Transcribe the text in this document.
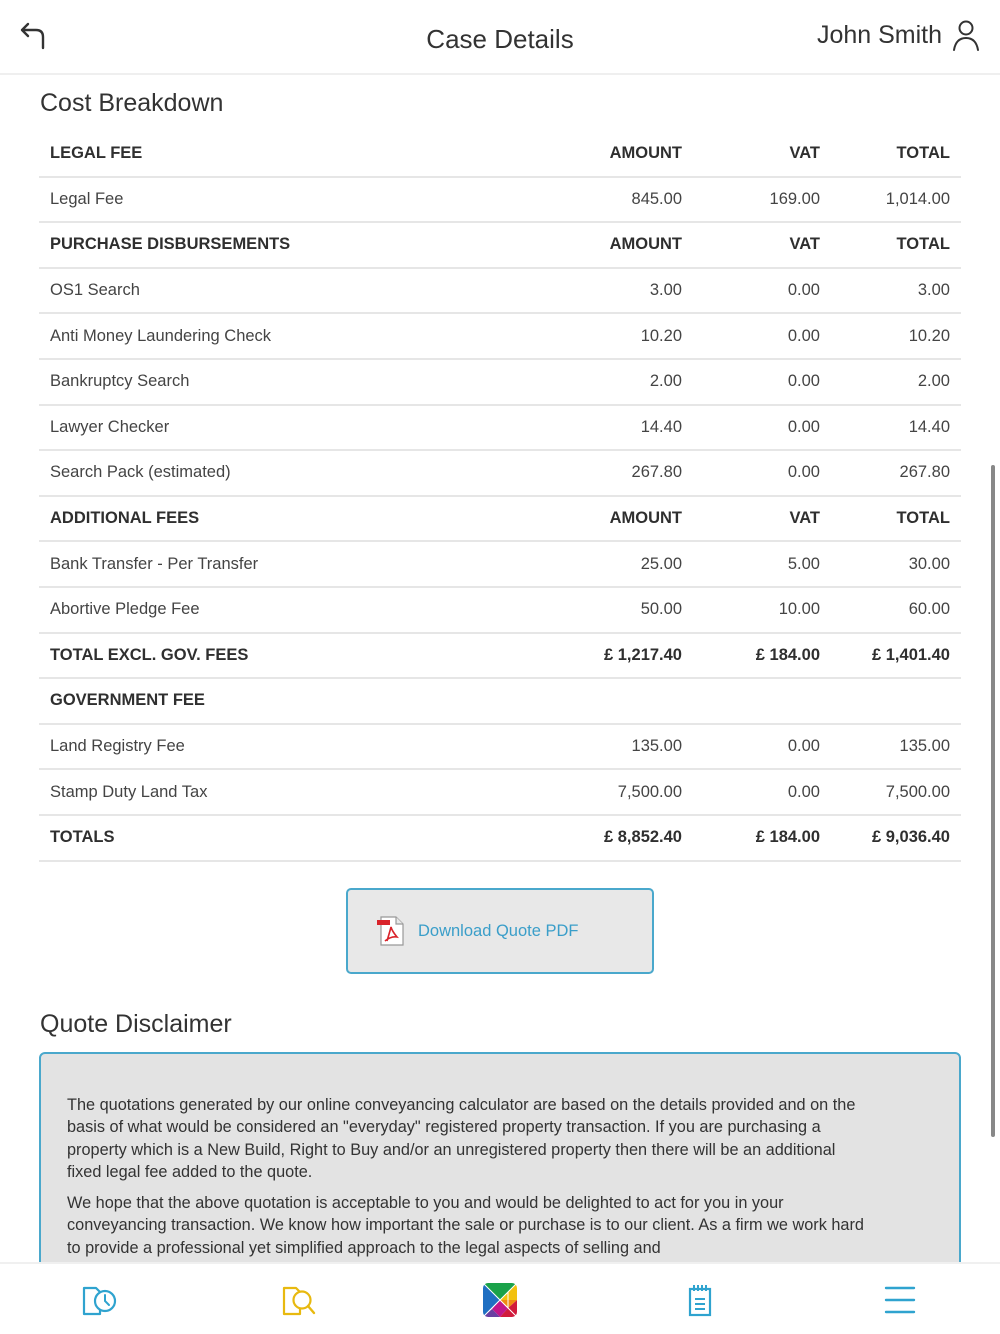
Case Details	John Smith
Cost Breakdown
LEGAL FEE	AMOUNT	VAT	TOTAL
Legal Fee	845.00	169.00	1,014.00
PURCHASE DISBURSEMENTS	AMOUNT	VAT	TOTAL
OS1 Search	3.00	0.00	3.00
Anti Money Laundering Check	10.20	0.00	10.20
Bankruptcy Search	2.00	0.00	2.00
Lawyer Checker	14.40	0.00	14.40
Search Pack (estimated)	267.80	0.00	267.80
ADDITIONAL FEES	AMOUNT	VAT	TOTAL
Bank Transfer - Per Transfer	25.00	5.00	30.00
Abortive Pledge Fee	50.00	10.00	60.00
TOTAL EXCL. GOV. FEES	£ 1,217.40	£ 184.00	£ 1,401.40
GOVERNMENT FEE			
Land Registry Fee	135.00	0.00	135.00
Stamp Duty Land Tax	7,500.00	0.00	7,500.00
TOTALS	£ 8,852.40	£ 184.00	£ 9,036.40
Download Quote PDF
Quote Disclaimer

The quotations generated by our online conveyancing calculator are based on the details provided and on the basis of what would be considered an "everyday" registered property transaction. If you are purchasing a property which is a New Build, Right to Buy and/or an unregistered property then there will be an additional fixed legal fee added to the quote.

We hope that the above quotation is acceptable to you and would be delighted to act for you in your conveyancing transaction. We know how important the sale or purchase is to our client. As a firm we work hard to provide a professional yet simplified approach to the legal aspects of selling and
